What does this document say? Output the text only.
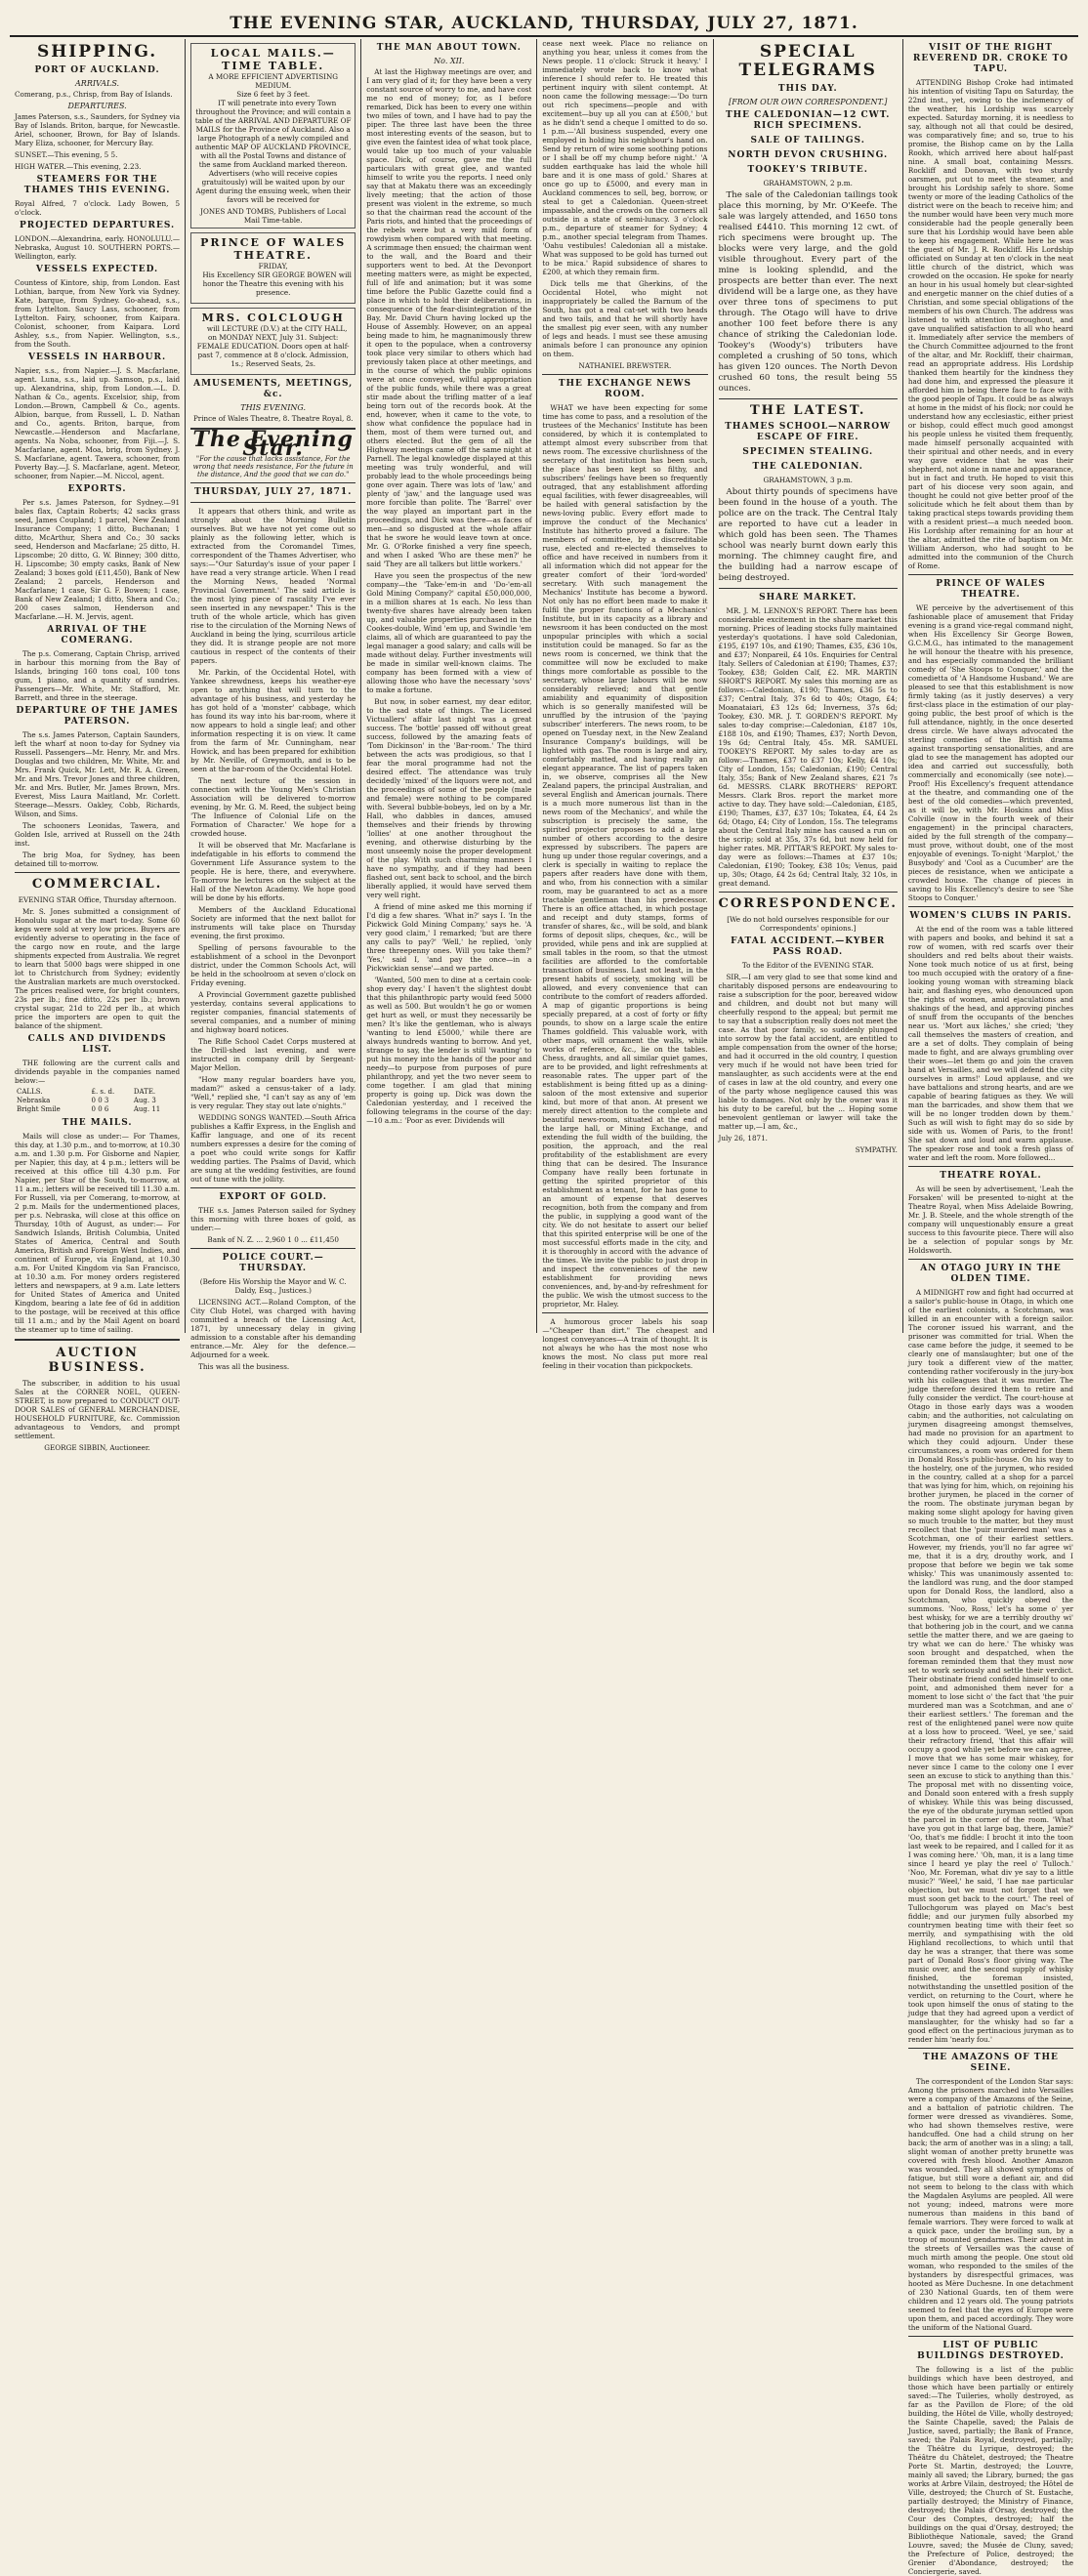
THE EVENING STAR, AUCKLAND, THURSDAY, JULY 27, 1871.
SHIPPING.
PORT OF AUCKLAND.
ARRIVALS.

Comerang, p.s., Chrisp, from Bay of Islands.

DEPARTURES.

James Paterson, s.s., Saunders, for Sydney via Bay of Islands. Briton, barque, for Newcastle. Ariel, schooner, Brown, for Bay of Islands. Mary Eliza, schooner, for Mercury Bay.

SUNSET.—This evening, 5 5.

HIGH WATER.—This evening, 2.23.

STEAMERS FOR THE THAMES THIS EVENING.

Royal Alfred, 7 o'clock. Lady Bowen, 5 o'clock.

PROJECTED DEPARTURES.

LONDON.—Alexandrina, early. HONOLULU.—Nebraska, August 10. SOUTHERN PORTS.—Wellington, early.

VESSELS EXPECTED.

Countess of Kintore, ship, from London. East Lothian, barque, from New York via Sydney. Kate, barque, from Sydney. Go-ahead, s.s., from Lyttelton. Saucy Lass, schooner, from Lyttelton. Fairy, schooner, from Kaipara. Colonist, schooner, from Kaipara. Lord Ashley, s.s., from Napier. Wellington, s.s., from the South.

VESSELS IN HARBOUR.

Napier, s.s., from Napier.—J. S. Macfarlane, agent. Luna, s.s., laid up. Samson, p.s., laid up. Alexandrina, ship, from London.—L. D. Nathan & Co., agents. Excelsior, ship, from London.—Brown, Campbell & Co., agents. Albion, barque, from Russell, L. D. Nathan and Co., agents. Briton, barque, from Newcastle.—Henderson and Macfarlane, agents. Na Noba, schooner, from Fiji.—J. S. Macfarlane, agent. Moa, brig, from Sydney. J. S. Macfarlane, agent. Tawera, schooner, from Poverty Bay.—J. S. Macfarlane, agent. Meteor, schooner, from Napier.—M. Niccol, agent.

EXPORTS.

Per s.s. James Paterson, for Sydney.—91 bales flax, Captain Roberts; 42 sacks grass seed, James Coupland; 1 parcel, New Zealand Insurance Company; 1 ditto, Buchanan; 1 ditto, McArthur, Shera and Co.; 30 sacks seed, Henderson and Macfarlane; 25 ditto, H. Lipscombe; 20 ditto, G. W. Binney; 300 ditto, H. Lipscombe; 30 empty casks, Bank of New Zealand; 3 boxes gold (£11,450), Bank of New Zealand; 2 parcels, Henderson and Macfarlane; 1 case, Sir G. F. Bowen; 1 case, Bank of New Zealand; 1 ditto, Shera and Co.; 200 cases salmon, Henderson and Macfarlane.—H. M. Jervis, agent.

ARRIVAL OF THE COMERANG.

The p.s. Comerang, Captain Chrisp, arrived in harbour this morning from the Bay of Islands, bringing 160 tons coal, 100 tons gum, 1 piano, and a quantity of sundries. Passengers—Mr. White, Mr. Stafford, Mr. Barrett, and three in the steerage.

DEPARTURE OF THE JAMES PATERSON.

The s.s. James Paterson, Captain Saunders, left the wharf at noon to-day for Sydney via Russell. Passengers—Mr. Henry, Mr. and Mrs. Douglas and two children, Mr. White, Mr. and Mrs. Frank Quick, Mr. Lett, Mr. R. A. Green, Mr. and Mrs. Trevor Jones and three children, Mr. and Mrs. Butler, Mr. James Brown, Mrs. Everest, Miss Laura Maitland, Mr. Corlett. Steerage—Messrs. Oakley, Cobb, Richards, Wilson, and Sims.

The schooners Leonidas, Tawera, and Golden Isle, arrived at Russell on the 24th inst.

The brig Moa, for Sydney, has been detained till to-morrow.

COMMERCIAL.

EVENING STAR Office, Thursday afternoon.

Mr. S. Jones submitted a consignment of Honolulu sugar at the mart to-day. Some 60 kegs were sold at very low prices. Buyers are evidently adverse to operating in the face of the cargo now en route, and the large shipments expected from Australia. We regret to learn that 5000 bags were shipped in one lot to Christchurch from Sydney; evidently the Australian markets are much overstocked. The prices realised were, for bright counters, 23s per lb.; fine ditto, 22s per lb.; brown crystal sugar, 21d to 22d per lb., at which price the importers are open to quit the balance of the shipment.

CALLS AND DIVIDENDS LIST.

THE following are the current calls and dividends payable in the companies named below:—

CALLS.	£. s. d.	DATE.
Nebraska	0 0 3	Aug. 3
Bright Smile	0 0 6	Aug. 11
THE MAILS.

Mails will close as under:— For Thames, this day, at 1.30 p.m., and to-morrow, at 10.30 a.m. and 1.30 p.m. For Gisborne and Napier, per Napier, this day, at 4 p.m.; letters will be received at this office till 4.30 p.m. For Napier, per Star of the South, to-morrow, at 11 a.m.; letters will be received till 11.30 a.m. For Russell, via per Comerang, to-morrow, at 2 p.m. Mails for the undermentioned places, per p.s. Nebraska, will close at this office on Thursday, 10th of August, as under:— For Sandwich Islands, British Columbia, United States of America, Central and South America, British and Foreign West Indies, and continent of Europe, via England, at 10.30 a.m. For United Kingdom via San Francisco, at 10.30 a.m. For money orders registered letters and newspapers, at 9 a.m. Late letters for United States of America and United Kingdom, bearing a late fee of 6d in addition to the postage, will be received at this office till 11 a.m.; and by the Mail Agent on board the steamer up to time of sailing.

AUCTION BUSINESS.

The subscriber, in addition to his usual Sales at the CORNER NOEL, QUEEN-STREET, is now prepared to CONDUCT OUT-DOOR SALES of GENERAL MERCHANDISE, HOUSEHOLD FURNITURE, &c. Commission advantageous to Vendors, and prompt settlement.

GEORGE SIBBIN, Auctioneer.

LOCAL MAILS.—TIME TABLE.
A MORE EFFICIENT ADVERTISING MEDIUM.
Size 6 feet by 3 feet.

IT will penetrate into every Town throughout the Province; and will contain a table of the ARRIVAL AND DEPARTURE OF MAILS for the Province of Auckland. Also a large Photograph of a newly compiled and authentic MAP OF AUCKLAND PROVINCE, with all the Postal Towns and distance of the same from Auckland marked thereon. Advertisers (who will receive copies gratuitously) will be waited upon by our Agent during the ensuing week, when their favors will be received for

JONES AND TOMBS, Publishers of Local Mail Time-table.
PRINCE OF WALES THEATRE.
FRIDAY,

His Excellency SIR GEORGE BOWEN will honor the Theatre this evening with his presence.

MRS. COLCLOUGH

will LECTURE (D.V.) at the CITY HALL, on MONDAY NEXT, July 31. Subject: FEMALE EDUCATION. Doors open at half-past 7, commence at 8 o'clock. Admission, 1s.; Reserved Seats, 2s.

AMUSEMENTS, MEETINGS, &c.
THIS EVENING.

Prince of Wales Theatre, 8. Theatre Royal, 8.

The Evening Star.
"For the cause that lacks assistance, For the wrong that needs resistance, For the future in the distance, And the good that we can do."
THURSDAY, JULY 27, 1871.

It appears that others think, and write as strongly about the Morning Bulletin ourselves. But we have not yet come out so plainly as the following letter, which is extracted from the Coromandel Times, correspondent of the Thames Advertiser, who says:—"Our Saturday's issue of your paper I have read a very strange article. When I read the Morning News, headed 'Normal Provincial Government.' The said article is the most lying piece of rascality I've ever seen inserted in any newspaper." This is the truth of the whole article, which has given rise to the circulation of the Morning News of Auckland in being the lying, scurrilous article they did. It is strange people are not more cautious in respect of the contents of their papers.

Mr. Parkin, of the Occidental Hotel, with Yankee shrewdness, keeps his weather-eye open to anything that will turn to the advantage of his business, and yesterday he has got hold of a 'monster' cabbage, which has found its way into his bar-room, where it now appears to hold a single leaf; and other information respecting it is on view. It came from the farm of Mr. Cunningham, near Howick, and has been prepared for exhibition by Mr. Neville, of Greymouth, and is to be seen at the bar-room of the Occidental Hotel.

The next lecture of the session in connection with the Young Men's Christian Association will be delivered to-morrow evening, by Mr. G. M. Reed, the subject being 'The Influence of Colonial Life on the Formation of Character.' We hope for a crowded house.

It will be observed that Mr. Macfarlane is indefatigable in his efforts to commend the Government Life Assurance system to the people. He is here, there, and everywhere. To-morrow he lectures on the subject at the Hall of the Newton Academy. We hope good will be done by his efforts.

Members of the Auckland Educational Society are informed that the next ballot for instruments will take place on Thursday evening, the first proximo.

Spelling of persons favourable to the establishment of a school in the Devonport district, under the Common Schools Act, will be held in the schoolroom at seven o'clock on Friday evening.

A Provincial Government gazette published yesterday, contains several applications to register companies, financial statements of several companies, and a number of mining and highway board notices.

The Rifle School Cadet Corps mustered at the Drill-shed last evening, and were instructed in company drill by Sergeant-Major Mellon.

"How many regular boarders have you, madam?" asked a census-taker of a lady. "Well," replied she, "I can't say as any of 'em is very regular. They stay out late o'nights."

WEDDING SONGS WANTED.—South Africa publishes a Kaffir Express, in the English and Kaffir language, and one of its recent numbers expresses a desire for the coming of a poet who could write songs for Kaffir wedding parties. The Psalms of David, which are sung at the wedding festivities, are found out of tune with the jollity.

EXPORT OF GOLD.

THE s.s. James Paterson sailed for Sydney this morning with three boxes of gold, as under:—

Bank of N. Z. ... 2,960 1 0 ... £11,450

POLICE COURT.—THURSDAY.

(Before His Worship the Mayor and W. C. Daldy, Esq., Justices.)

LICENSING ACT.—Roland Compton, of the City Club Hotel, was charged with having committed a breach of the Licensing Act, 1871, by unnecessary delay in giving admission to a constable after his demanding entrance.—Mr. Aley for the defence.—Adjourned for a week.

This was all the business.

THE MAN ABOUT TOWN.
No. XII.

At last the Highway meetings are over, and I am very glad of it; for they have been a very constant source of worry to me, and have cost me no end of money; for, as I before remarked, Dick has been to every one within two miles of town, and I have had to pay the piper. The three last have been the three most interesting events of the season, but to give even the faintest idea of what took place, would take up too much of your valuable space. Dick, of course, gave me the full particulars with great glee, and wanted himself to write you the reports. I need only say that at Makatu there was an exceedingly lively meeting; that the action of those present was violent in the extreme, so much so that the chairman read the account of the Paris riots, and hinted that the proceedings of the rebels were but a very mild form of rowdyism when compared with that meeting. A scrimmage then ensued; the chairman went to the wall, and the Board and their supporters went to bed. At the Devonport meeting matters were, as might be expected, full of life and animation; but it was some time before the Public Gazette could find a place in which to hold their deliberations, in consequence of the fear-disintegration of the Bay, Mr. David Churn having locked up the House of Assembly. However, on an appeal being made to him, he magnanimously threw it open to the populace, when a controversy took place very similar to others which had previously taken place at other meetings, and in the course of which the public opinions were at once conveyed, wilful appropriation of the public funds, while there was a great stir made about the trifling matter of a leaf being torn out of the records book. At the end, however, when it came to the vote, to show what confidence the populace had in them, most of them were turned out, and others elected. But the gem of all the Highway meetings came off the same night at Parnell. The legal knowledge displayed at this meeting was truly wonderful, and will probably lead to the whole proceedings being gone over again. There was lots of 'law,' and plenty of 'jaw,' and the language used was more forcible than polite. The 'Barrel' over the way played an important part in the proceedings, and Dick was there—as faces of men—and so disgusted at the whole affair that he swore he would leave town at once. Mr. G. O'Rorke finished a very fine speech, and when I asked 'Who are these men?' he said 'They are all talkers but little workers.'

Have you seen the prospectus of the new company—the 'Take-'em-in and 'Do-'em-all Gold Mining Company?' capital £50,000,000, in a million shares at 1s each. No less than twenty-five shares have already been taken up, and valuable properties purchased in the Cookes-double, Wind 'em up, and Swindle 'em claims, all of which are guaranteed to pay the legal manager a good salary; and calls will be made without delay. Further investments will be made in similar well-known claims. The company has been formed with a view of allowing those who have the necessary 'sovs' to make a fortune.

But now, in sober earnest, my dear editor, to the sad state of things. The Licensed Victuallers' affair last night was a great success. The 'bottle' passed off without great success, followed by the amazing feats of 'Tom Dickinson' in the 'Bar-room.' The third between the acts was prodigious, so that I fear the moral programme had not the desired effect. The attendance was truly decidedly 'mixed' of the liquors were not, and the proceedings of some of the people (male and female) were nothing to be compared with. Several bubble-bobeys, led on by a Mr. Hall, who dabbles in dances, amused themselves and their friends by throwing 'lollies' at one another throughout the evening, and otherwise disturbing by the most unseemly noise the proper development of the play. With such charming manners I have no sympathy, and if they had been flashed out, sent back to school, and the birch liberally applied, it would have served them very well right.

A friend of mine asked me this morning if I'd dig a few shares. 'What in?' says I. 'In the Pickwick Gold Mining Company,' says he. 'A very good claim,' I remarked; 'but are there any calls to pay?' 'Well,' he replied, 'only three threepenny ones. Will you take them?' 'Yes,' said I, 'and pay the once—in a Pickwickian sense'—and we parted.

'Wanted, 500 men to dine at a certain cook-shop every day.' I haven't the slightest doubt that this philanthropic party would feed 5000 as well as 500. But wouldn't he go or women get hurt as well, or must they necessarily be men? It's like the gentleman, who is always 'wanting to lend £5000,' while there are always hundreds wanting to borrow. And yet, strange to say, the lender is still 'wanting' to put his money into the hands of the poor and needy—to purpose from purposes of pure philanthropy, and yet the two never seem to come together. I am glad that mining property is going up. Dick was down the Caledonian yesterday, and I received the following telegrams in the course of the day:—10 a.m.: 'Poor as ever. Dividends will

cease next week. Place no reliance on anything you hear, unless it comes from the News people. 11 o'clock: Struck it heavy.' I immediately wrote back to know what inference I should refer to. He treated this pertinent inquiry with silent contempt. At noon came the following message:—'Do turn out rich specimens—people and with excitement—buy up all you can at £500,' but as he didn't send a cheque I omitted to do so. 1 p.m.—'All business suspended, every one employed in holding his neighbour's hand on. Send by return of wire some soothing potions or I shall be off my chump before night.' 'A sudden earthquake has laid the whole hill bare and it is one mass of gold.' Shares at once go up to £5000, and every man in Auckland commences to sell, beg, borrow, or steal to get a Caledonian. Queen-street impassable, and the crowds on the corners all outside in a state of semi-lunacy. 3 o'clock p.m., departure of steamer for Sydney; 4 p.m., another special telegram from Thames. 'Oahu vestibules! Caledonian all a mistake. What was supposed to be gold has turned out to be mica.' Rapid subsidence of shares to £200, at which they remain firm.

Dick tells me that Gherkins, of the Occidental Hotel, who might not inappropriately be called the Barnum of the South, has got a real cat-set with two heads and two tails, and that he will shortly have the smallest pig ever seen, with any number of legs and heads. I must see these amusing animals before I can pronounce any opinion on them.

NATHANIEL BREWSTER.

THE EXCHANGE NEWS ROOM.

WHAT we have been expecting for some time has come to pass, and a resolution of the trustees of the Mechanics' Institute has been considered, by which it is contemplated to attempt almost every subscriber from that news room. The excessive churlishness of the secretary of that institution has been such, the place has been kept so filthy, and subscribers' feelings have been so frequently outraged, that any establishment affording equal facilities, with fewer disagreeables, will be hailed with general satisfaction by the news-loving public. Every effort made to improve the conduct of the Mechanics' Institute has hitherto proved a failure. The members of committee, by a discreditable ruse, elected and re-elected themselves to office and have received in numbers from it all information which did not appear for the greater comfort of their 'lord-worded' secretary. With such management the Mechanics' Institute has become a byword. Not only has no effort been made to make it fulfil the proper functions of a Mechanics' Institute, but in its capacity as a library and newsroom it has been conducted on the most unpopular principles with which a social institution could be managed. So far as the news room is concerned, we think that the committee will now be excluded to make things more comfortable as possible to the secretary, whose large labours will be now considerably relieved; and that gentle amiability and equanimity of disposition which is so generally manifested will be unruffled by the intrusion of the 'paying subscriber' interferers. The news room, to be opened on Tuesday next, in the New Zealand Insurance Company's buildings, will be lighted with gas. The room is large and airy, comfortably matted, and having really an elegant appearance. The list of papers taken in, we observe, comprises all the New Zealand papers, the principal Australian, and several English and American journals. There is a much more numerous list than in the news room of the Mechanics', and while the subscription is precisely the same, the spirited projector proposes to add a large number of others according to the desire expressed by subscribers. The papers are hung up under those regular coverings, and a clerk is specially in waiting to replace the papers after readers have done with them, and who, from his connection with a similar room, may be guaranteed to act as a more tractable gentleman than his predecessor. There is an office attached, in which postage and receipt and duty stamps, forms of transfer of shares, &c., will be sold, and blank forms of deposit slips, cheques, &c., will be provided, while pens and ink are supplied at small tables in the room, so that the utmost facilities are afforded to the comfortable transaction of business. Last not least, in the present habits of society, smoking will be allowed, and every convenience that can contribute to the comfort of readers afforded. A map of gigantic proportions is being specially prepared, at a cost of forty or fifty pounds, to show on a large scale the entire Thames goldfield. This valuable work, with other maps, will ornament the walls, while works of reference, &c., lie on the tables. Chess, draughts, and all similar quiet games, are to be provided, and light refreshments at reasonable rates. The upper part of the establishment is being fitted up as a dining-saloon of the most extensive and superior kind, but more of that anon. At present we merely direct attention to the complete and beautiful news-room, situated at the end of the large hall, or Mining Exchange, and extending the full width of the building, the position, the approach, and the real profitability of the establishment are every thing that can be desired. The Insurance Company have really been fortunate in getting the spirited proprietor of this establishment as a tenant, for he has gone to an amount of expense that deserves recognition, both from the company and from the public, in supplying a good want of the city. We do not hesitate to assert our belief that this spirited enterprise will be one of the most successful efforts made in the city, and it is thoroughly in accord with the advance of the times. We invite the public to just drop in and inspect the conveniences of the new establishment for providing news conveniences, and, by-and-by refreshment for the public. We wish the utmost success to the proprietor, Mr. Haley.

A humorous grocer labels his soap—"Cheaper than dirt." The cheapest and longest conveyances—A train of thought. It is not always he who has the most nose who knows the most. No class put more real feeling in their vocation than pickpockets.

SPECIAL TELEGRAMS
THIS DAY.
[FROM OUR OWN CORRESPONDENT.]
THE CALEDONIAN—12 CWT. RICH SPECIMENS.
SALE OF TAILINGS.
NORTH DEVON CRUSHING.
TOOKEY'S TRIBUTE.

GRAHAMSTOWN, 2 p.m.

The sale of the Caledonian tailings took place this morning, by Mr. O'Keefe. The sale was largely attended, and 1650 tons realised £4410. This morning 12 cwt. of rich specimens were brought up. The blocks were very large, and the gold visible throughout. Every part of the mine is looking splendid, and the prospects are better than ever. The next dividend will be a large one, as they have over three tons of specimens to put through. The Otago will have to drive another 100 feet before there is any chance of striking the Caledonian lode. Tookey's (Woody's) tributers have completed a crushing of 50 tons, which has given 120 ounces. The North Devon crushed 60 tons, the result being 55 ounces.

THE LATEST.
THAMES SCHOOL—NARROW ESCAPE OF FIRE.
SPECIMEN STEALING.
THE CALEDONIAN.

GRAHAMSTOWN, 3 p.m.

About thirty pounds of specimens have been found in the house of a youth. The police are on the track. The Central Italy are reported to have cut a leader in which gold has been seen. The Thames school was nearly burnt down early this morning. The chimney caught fire, and the building had a narrow escape of being destroyed.

SHARE MARKET.

MR. J. M. LENNOX'S REPORT. There has been considerable excitement in the share market this morning. Prices of leading stocks fully maintained yesterday's quotations. I have sold Caledonian, £195, £197 10s, and £190; Thames, £35, £36 10s, and £37; Nonpareil, £4 10s. Enquiries for Central Italy. Sellers of Caledonian at £190; Thames, £37; Tookey, £38; Golden Calf, £2. MR. MARTIN SHORT'S REPORT. My sales this morning are as follows:—Caledonian, £190; Thames, £36 5s to £37; Central Italy, 37s 6d to 40s; Otago, £4; Moanataiari, £3 12s 6d; Inverness, 37s 6d; Tookey, £30. MR. J. T. GORDEN'S REPORT. My sales to-day comprise:—Caledonian, £187 10s, £188 10s, and £190; Thames, £37; North Devon, 19s 6d; Central Italy, 45s. MR. SAMUEL TOOKEY'S REPORT. My sales to-day are as follow:—Thames, £37 to £37 10s; Kelly, £4 10s; City of London, 15s; Caledonian, £190; Central Italy, 35s; Bank of New Zealand shares, £21 7s 6d. MESSRS. CLARK BROTHERS' REPORT. Messrs. Clark Bros. report the market more active to day. They have sold:—Caledonian, £185, £190; Thames, £37, £37 10s; Tokatea, £4, £4 2s 6d; Otago, £4; City of London, 15s. The telegrams about the Central Italy mine has caused a run on the scrip; sold at 35s, 37s 6d, but now held for higher rates. MR. PITTAR'S REPORT. My sales to-day were as follows:—Thames at £37 10s; Caledonian, £190; Tookey, £38 10s; Venus, paid up, 30s; Otago, £4 2s 6d; Central Italy, 32 10s, in great demand.

CORRESPONDENCE.

[We do not hold ourselves responsible for our Correspondents' opinions.]

FATAL ACCIDENT.—KYBER PASS ROAD.

To the Editor of the EVENING STAR.

SIR,—I am very glad to see that some kind and charitably disposed persons are endeavouring to raise a subscription for the poor, bereaved widow and children, and doubt not but many will cheerfully respond to the appeal; but permit me to say that a subscription really does not meet the case. As that poor family, so suddenly plunged into sorrow by the fatal accident, are entitled to ample compensation from the owner of the horse; and had it occurred in the old country, I question very much if he would not have been tried for manslaughter, as such accidents were at the end of cases in law at the old country, and every one of the party whose negligence caused this was liable to damages. Not only by the owner was it his duty to be careful, but the ... Hoping some benevolent gentleman or lawyer will take the matter up,—I am, &c.,

July 26, 1871.

SYMPATHY.

VISIT OF THE RIGHT REVEREND DR. CROKE TO TAPU.

ATTENDING Bishop Croke had intimated his intention of visiting Tapu on Saturday, the 22nd inst., yet, owing to the inclemency of the weather, his Lordship was scarcely expected. Saturday morning, it is needless to say, although not all that could be desired, was comparatively fine; and so, true to his promise, the Bishop came on by the Lalla Rookh, which arrived here about half-past nine. A small boat, containing Messrs. Rockliff and Donovan, with two sturdy oarsmen, put out to meet the steamer, and brought his Lordship safely to shore. Some twenty or more of the leading Catholics of the district were on the beach to receive him; and the number would have been very much more considerable had the people generally been sure that his Lordship would have been able to keep his engagement. While here he was the guest of Mr. J. R. Rockliff. His Lordship officiated on Sunday at ten o'clock in the neat little church of the district, which was crowded on the occasion. He spoke for nearly an hour in his usual homely but clear-sighted and energetic manner on the chief duties of a Christian, and some special obligations of the members of his own Church. The address was listened to with attention throughout, and gave unqualified satisfaction to all who heard it. Immediately after service the members of the Church Committee adjourned to the front of the altar, and Mr. Rockliff, their chairman, read an appropriate address. His Lordship thanked them heartily for the kindness they had done him, and expressed the pleasure it afforded him in being there face to face with the good people of Tapu. It could be as always at home in the midst of his flock; nor could he understand how any ecclesiastic, either priest or bishop, could effect much good amongst his people unless he visited them frequently, made himself personally acquainted with their spiritual and other needs, and in every way gave evidence that he was their shepherd, not alone in name and appearance, but in fact and truth. He hoped to visit this part of his diocese very soon again, and thought he could not give better proof of the solicitude which he felt about them than by taking practical steps towards providing them with a resident priest—a much needed boon. His Lordship after remaining for an hour at the altar, admitted the rite of baptism on Mr. William Anderson, who had sought to be admitted into the communion of the Church of Rome.

PRINCE OF WALES THEATRE.

WE perceive by the advertisement of this fashionable place of amusement that Friday evening is a grand vice-regal command night, when His Excellency Sir George Bowen, G.C.M.G., has intimated to the management he will honour the theatre with his presence, and has especially commanded the brilliant comedy of 'She Stoops to Conquer,' and the comedietta of 'A Handsome Husband.' We are pleased to see that this establishment is now firmly taking (as it justly deserves) a very first-class place in the estimation of our play-going public, the best proof of which is the full attendance, nightly, in the once deserted dress circle. We have always advocated the sterling comedies of the British drama against transporting sensationalities, and are glad to see the management has adopted our idea and carried out successfully, both commercially and economically (see note).—Proof! His Excellency's frequent attendance at the theatre, and commanding one of the best of the old comedies—which prevented, as it will be, with Mr. Hoskins and Miss Colville (now in the fourth week of their engagement) in the principal characters, aided by the full strength of the company—must prove, without doubt, one of the most enjoyable of evenings. To-night 'Marplot,' the Busybody' and 'Cool as a Cucumber' are the pieces de resistance, when we anticipate a crowded house. The change of pieces in saving to His Excellency's desire to see 'She Stoops to Conquer.'

WOMEN'S CLUBS IN PARIS.

At the end of the room was a table littered with papers and books, and behind it sat a row of women, with red scarfs over their shoulders and red belts about their waists. None took much notice of us at first, being too much occupied with the oratory of a fine-looking young woman with streaming black hair, and flashing eyes, who denounced upon the rights of women, amid ejaculations and shakings of the head, and approving pinches of snuff from the occupants of the benches near us. 'Mort aux lâches,' she cried; 'they call themselves the masters of creation, and are a set of dolts. They complain of being made to fight, and are always grumbling over their woes—let them go and join the craven band at Versailles, and we will defend the city ourselves in arms!' Loud applause, and we have battalions and strong hearts, and are we capable of bearing fatigues as they. We will man the barricades, and show them that we will be no longer trodden down by them.' Such as will wish to fight may do so side by side with us. Women of Paris, to the front! She sat down and loud and warm applause. The speaker rose and took a fresh glass of water and left the room. More followed...

THEATRE ROYAL.

As will be seen by advertisement, 'Leah the Forsaken' will be presented to-night at the Theatre Royal, when Miss Adelaide Bowring, Mr. J. B. Steele, and the whole strength of the company will unquestionably ensure a great success to this favourite piece. There will also be a selection of popular songs by Mr. Holdsworth.

AN OTAGO JURY IN THE OLDEN TIME.

A MIDNIGHT row and fight had occurred at a sailor's public-house in Otago, in which one of the earliest colonists, a Scotchman, was killed in an encounter with a foreign sailor. The coroner issued his warrant, and the prisoner was committed for trial. When the case came before the judge, it seemed to be clearly one of manslaughter; but one of the jury took a different view of the matter, contending rather vociferously in the jury-box with his colleagues that it was murder. The judge therefore desired them to retire and fully consider the verdict. The court-house at Otago in those early days was a wooden cabin; and the authorities, not calculating on jurymen disagreeing amongst themselves, had made no provision for an apartment to which they could adjourn. Under these circumstances, a room was ordered for them in Donald Ross's public-house. On his way to the hostelry, one of the jurymen, who resided in the country, called at a shop for a parcel that was lying for him, which, on rejoining his brother jurymen, he placed in the corner of the room. The obstinate juryman began by making some slight apology for having given so much trouble to the matter, but they must recollect that the 'puir murdered man' was a Scotchman, one of their earliest settlers. However, my friends, you'll no far agree wi' me, that it is a dry, drouthy work, and I propose that before we begin we tak some whisky.' This was unanimously assented to: the landlord was rung, and the door stamped upon for Donald Ross, the landlord, also a Scotchman, who quickly obeyed the summons. 'Noo, Ross,' let's ha some o' yer best whisky, for we are a terribly drouthy wi' that bothering job in the court, and we canna settle the matter there, and we are gaeing to try what we can do here.' The whisky was soon brought and despatched, when the foreman reminded them that they must now set to work seriously and settle their verdict. Their obstinate friend confided himself to one point, and admonished them never for a moment to lose sicht o' the fact that 'the puir murdered man was a Scotchman, and ane o' their earliest settlers.' The foreman and the rest of the enlightened panel were now quite at a loss how to proceed. 'Weel, ye see,' said their refractory friend, 'that this affair will occupy a good while yet before we can agree, I move that we has some mair whiskey, for never since I came to the colony one I ever seen an excuse to stick to anything than this.' The proposal met with no dissenting voice, and Donald soon entered with a fresh supply of whiskey. While this was being discussed, the eye of the obdurate juryman settled upon the parcel in the corner of the room. 'What have you got in that large bag, there, Jamie?' 'Oo, that's me fiddle: I brocht it into the toon last week to be repaired, and I called for it as I was coming here.' 'Oh, man, it is a lang time since I heard ye play the reel o' Tulloch.' 'Noo, Mr. Foreman, what div ye say to a little music?' 'Weel,' he said, 'I hae nae particular objection, but we must not forget that we must soon get back to the court.' The reel of Tullochgorum was played on Mac's best fiddle; and our jurymen fully absorbed my countrymen beating time with their feet so merrily, and sympathising with the old Highland recollections, to which until that day he was a stranger, that there was some part of Donald Ross's floor giving way. The music over, and the second supply of whisky finished, the foreman insisted, notwithstanding the unsettled position of the verdict, on returning to the Court, where he took upon himself the onus of stating to the judge that they had agreed upon a verdict of manslaughter, for the whisky had so far a good effect on the pertinacious juryman as to render him 'nearly fou.'

THE AMAZONS OF THE SEINE.

The correspondent of the London Star says: Among the prisoners marched into Versailles were a company of the Amazons of the Seine, and a battalion of patriotic children. The former were dressed as vivandières. Some, who had shown themselves restive, were handcuffed. One had a child strung on her back; the arm of another was in a sling; a tall, slight woman of another pretty brunette was covered with fresh blood. Another Amazon was wounded. They all showed symptoms of fatigue, but still wore a defiant air, and did not seem to belong to the class with which the Magdalen Asylums are peopled. All were not young; indeed, matrons were more numerous than maidens in this band of female warriors. They were forced to walk at a quick pace, under the broiling sun, by a troop of mounted gendarmes. Their advent in the streets of Versailles was the cause of much mirth among the people. One stout old woman, who responded to the smiles of the bystanders by disrespectful grimaces, was hooted as Mère Duchesne. In one detachment of 230 National Guards, ten of them were children and 12 years old. The young patriots seemed to feel that the eyes of Europe were upon them, and paced accordingly. They wore the uniform of the National Guard.

LIST OF PUBLIC BUILDINGS DESTROYED.

The following is a list of the public buildings which have been destroyed, and those which have been partially or entirely saved:—The Tuileries, wholly destroyed, as far as the Pavillon de Flore; of the old building, the Hôtel de Ville, wholly destroyed; the Sainte Chapelle, saved; the Palais de Justice, saved, partially; the Bank of France, saved; the Palais Royal, destroyed, partially; the Théâtre du Lyrique, destroyed; the Théâtre du Châtelet, destroyed; the Theatre Porte St. Martin, destroyed; the Louvre, mainly all saved; the Library, burned; the gas works at Arbre Vilain, destroyed; the Hôtel de Ville, destroyed; the Church of St. Eustache, partially destroyed; the Ministry of Finance, destroyed; the Palais d'Orsay, destroyed; the Cour des Comptes, destroyed; half the buildings on the quai d'Orsay, destroyed; the Bibliothèque Nationale, saved; the Grand Louvre, saved; the Musée de Cluny, saved; the Prefecture of Police, destroyed; the Grenier d'Abondance, destroyed; the Conciergerie, saved.
